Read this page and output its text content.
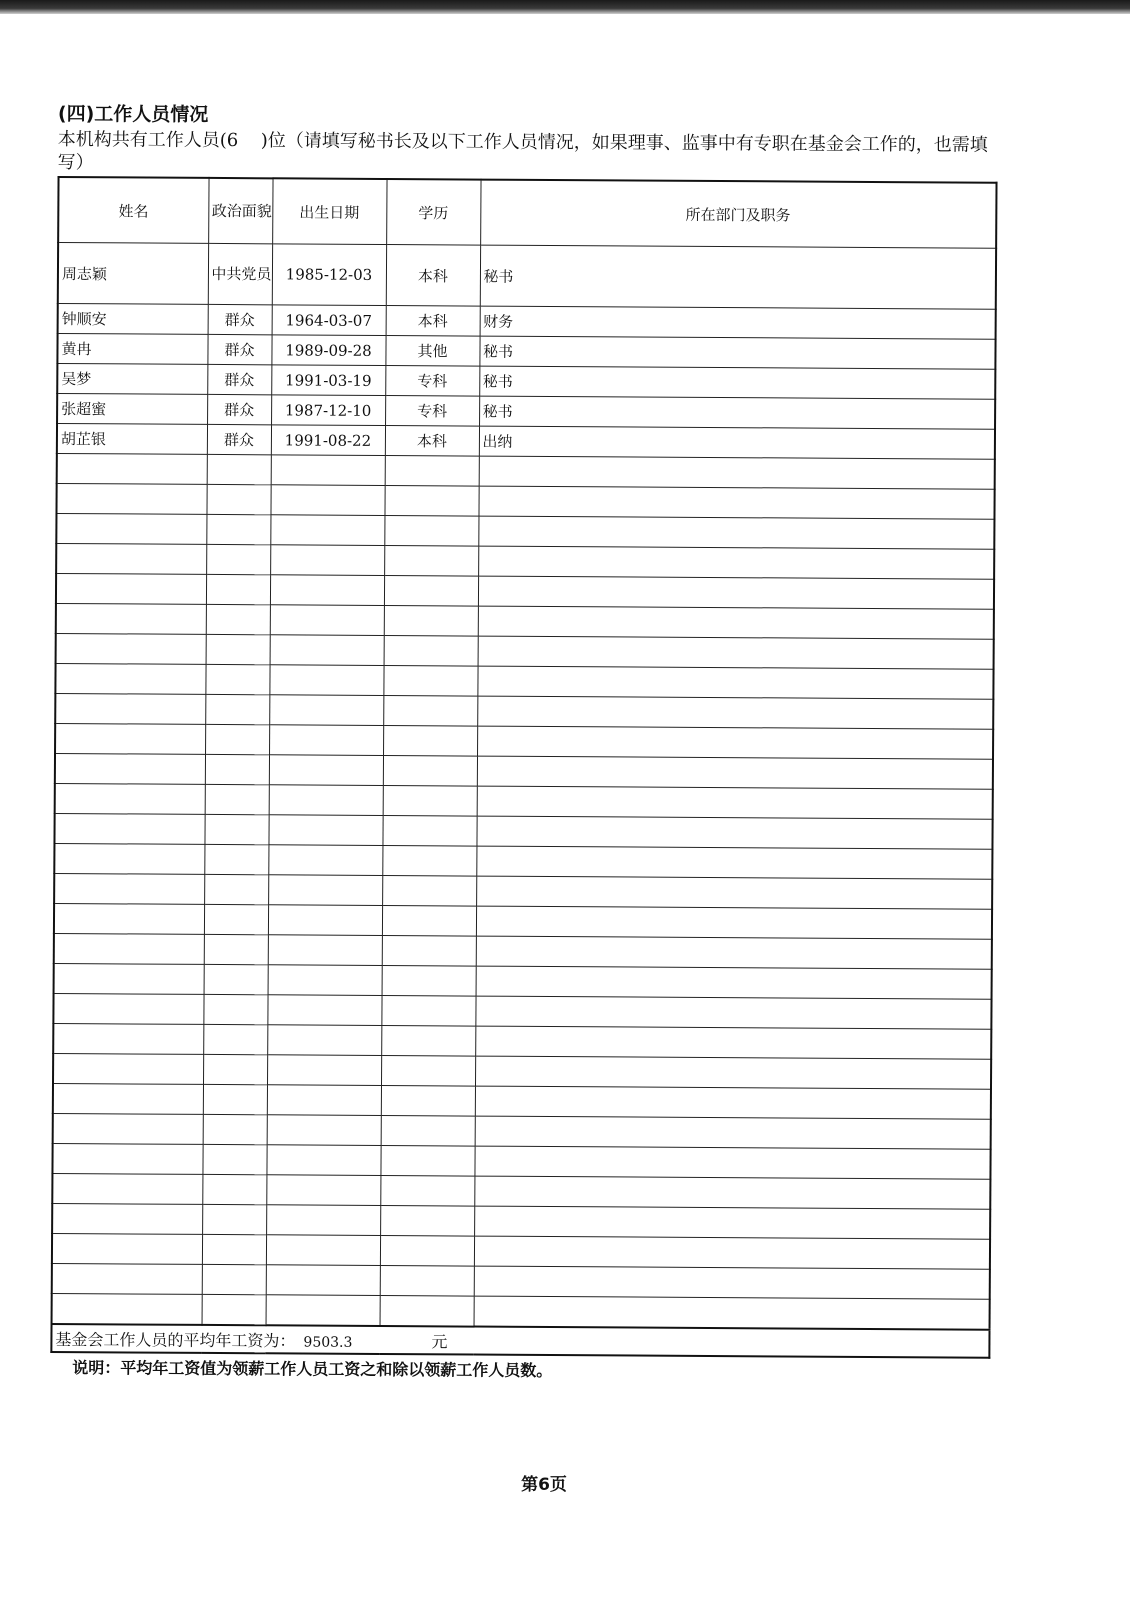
(四)工作人员情况

本机构共有工作人员(6 )位（请填写秘书长及以下工作人员情况，如果理事、监事中有专职在基金会工作的，也需填写）

姓名	政治面貌	出生日期	学历	所在部门及职务
周志颖	中共党员	1985-12-03	本科	秘书
钟顺安	群众	1964-03-07	本科	财务
黄冉	群众	1989-09-28	其他	秘书
吴梦	群众	1991-03-19	专科	秘书
张超蜜	群众	1987-12-10	专科	秘书
胡芷银	群众	1991-08-22	本科	出纳

基金会工作人员的平均年工资为： 9503.3 元				

说明：平均年工资值为领薪工作人员工资之和除以领薪工作人员数。

第6页
